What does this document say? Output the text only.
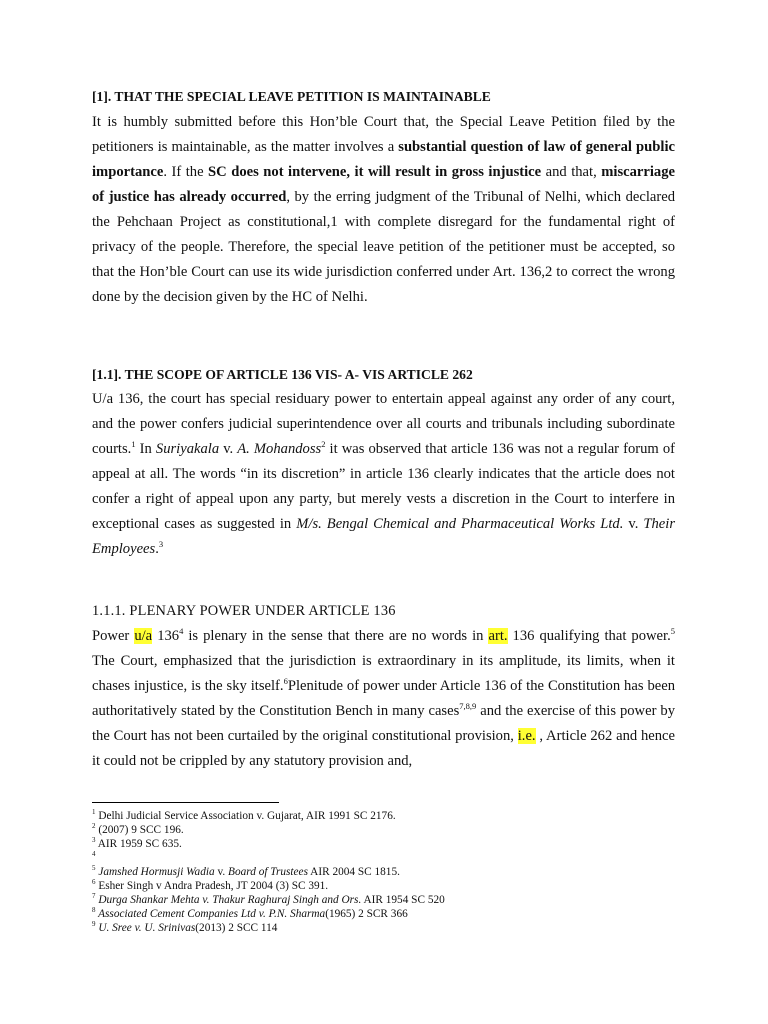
[1]. THAT THE SPECIAL LEAVE PETITION IS MAINTAINABLE

It is humbly submitted before this Hon’ble Court that, the Special Leave Petition filed by the petitioners is maintainable, as the matter involves a substantial question of law of general public importance. If the SC does not intervene, it will result in gross injustice and that, miscarriage of justice has already occurred, by the erring judgment of the Tribunal of Nelhi, which declared the Pehchaan Project as constitutional,1 with complete disregard for the fundamental right of privacy of the people. Therefore, the special leave petition of the petitioner must be accepted, so that the Hon’ble Court can use its wide jurisdiction conferred under Art. 136,2 to correct the wrong done by the decision given by the HC of Nelhi.

[1.1]. THE SCOPE OF ARTICLE 136 VIS- A- VIS ARTICLE 262

U/a 136, the court has special residuary power to entertain appeal against any order of any court, and the power confers judicial superintendence over all courts and tribunals including subordinate courts.$^1$ In Suriyakala v. A. Mohandoss$^2$ it was observed that article 136 was not a regular forum of appeal at all. The words “in its discretion” in article 136 clearly indicates that the article does not confer a right of appeal upon any party, but merely vests a discretion in the Court to interfere in exceptional cases as suggested in M/s. Bengal Chemical and Pharmaceutical Works Ltd. v. Their Employees.$^3$

1.1.1. PLENARY POWER UNDER ARTICLE 136

Power u/a $136^4$ is plenary in the sense that there are no words in art. 136 qualifying that power.$^5$ The Court, emphasized that the jurisdiction is extraordinary in its amplitude, its limits, when it chases injustice, is the sky itself.$^6$Plenitude of power under Article 136 of the Constitution has been authoritatively stated by the Constitution Bench in many cases$^{7,8,9}$ and the exercise of this power by the Court has not been curtailed by the original constitutional provision, i.e. , Article 262 and hence it could not be crippled by any statutory provision and,

$^1$ Delhi Judicial Service Association v. Gujarat, AIR 1991 SC 2176.

$^2$ (2007) 9 SCC 196.

$^3$ AIR 1959 SC 635.

$^4$

$^5$ Jamshed Hormusji Wadia v. Board of Trustees AIR 2004 SC 1815.

$^6$ Esher Singh v Andra Pradesh, JT 2004 (3) SC 391.

$^7$ Durga Shankar Mehta v. Thakur Raghuraj Singh and Ors. AIR 1954 SC 520

$^8$ Associated Cement Companies Ltd v. P.N. Sharma(1965) 2 SCR 366

$^9$ U. Sree v. U. Srinivas(2013) 2 SCC 114
